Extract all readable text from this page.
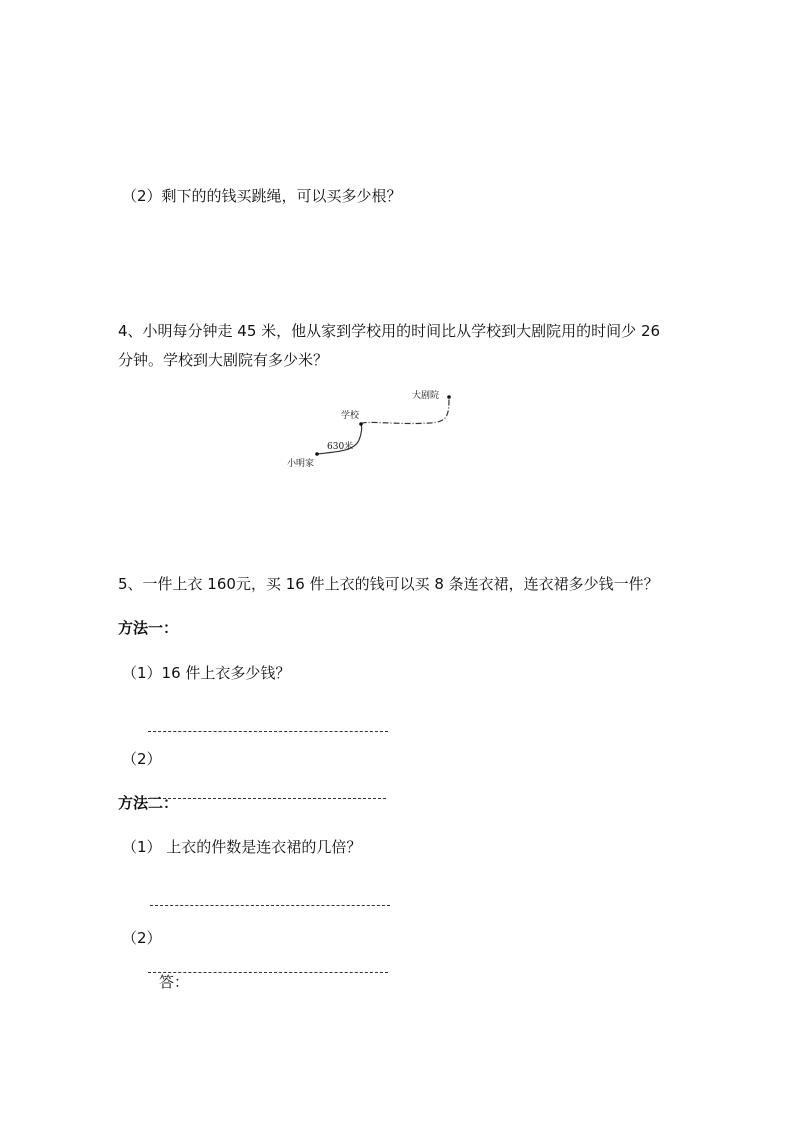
（2）剩下的的钱买跳绳，可以买多少根？
4、小明每分钟走 45 米，他从家到学校用的时间比从学校到大剧院用的时间少 26
分钟。学校到大剧院有多少米？
大剧院
学校
630米
小明家
5、一件上衣 160元，买 16 件上衣的钱可以买 8 条连衣裙，连衣裙多少钱一件？
方法一：
（1）16 件上衣多少钱？
（2）
方法二：
（1） 上衣的件数是连衣裙的几倍？
（2）
答：
